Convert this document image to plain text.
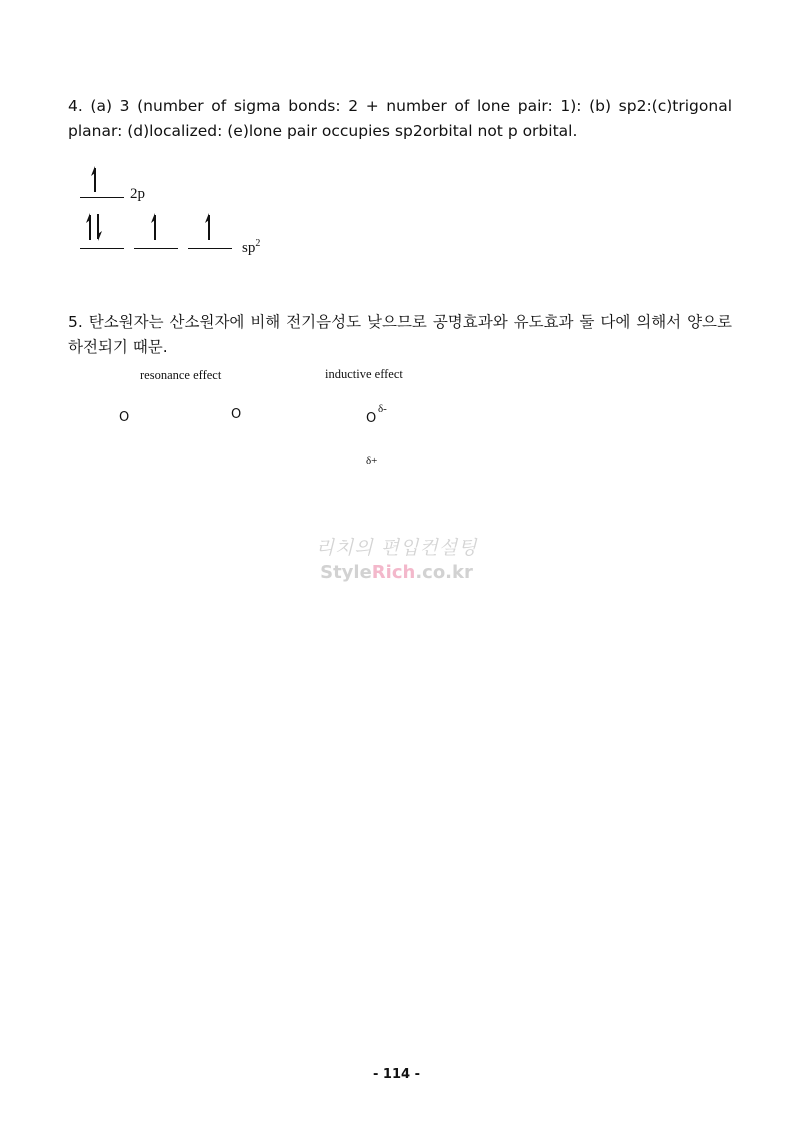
4. (a) 3 (number of sigma bonds: 2 + number of lone pair: 1): (b) sp2:(c)trigonal planar: (d)localized: (e)lone pair occupies sp2orbital not p orbital.

2p
$sp^2$

5. 탄소원자는 산소원자에 비해 전기음성도 낮으므로 공명효과와 유도효과 둘 다에 의해서 양으로 하전되기 때문.

resonance effect	inductive effect
O	O	O
δ-
δ+
리치의 편입컨설팅
StyleRich.co.kr
- 114 -
